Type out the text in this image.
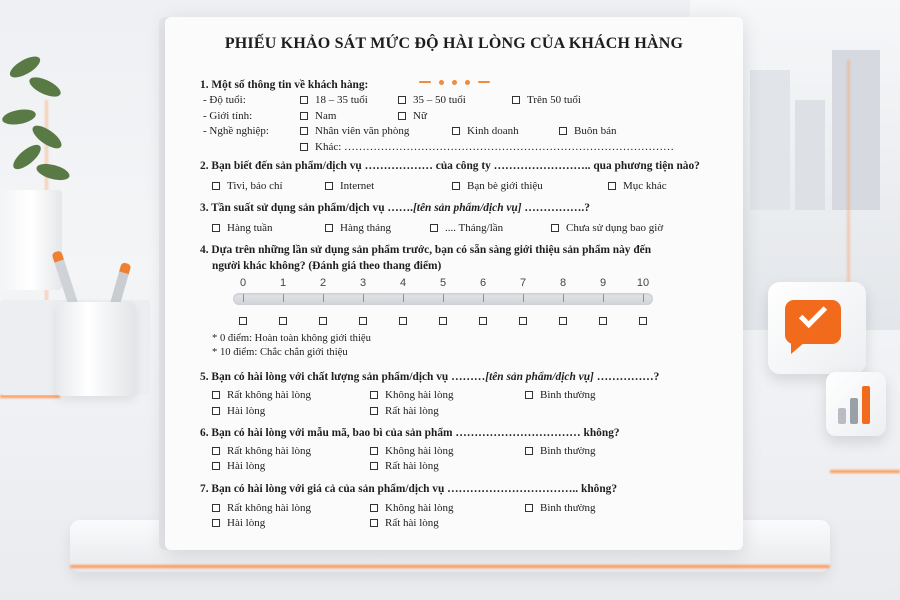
PHIẾU KHẢO SÁT MỨC ĐỘ HÀI LÒNG CỦA KHÁCH HÀNG
1. Một số thông tin về khách hàng:
- Độ tuổi:	18 – 35 tuổi	35 – 50 tuổi	Trên 50 tuổi
- Giới tính:	Nam	Nữ
- Nghề nghiệp:	Nhân viên văn phòng	Kinh doanh	Buôn bán
Khác: ………………………………………………………………………………
2. Bạn biết đến sản phẩm/dịch vụ ……………… của công ty …………………….. qua phương tiện nào?
Tivi, báo chí	Internet	Bạn bè giới thiệu	Mục khác
3. Tần suất sử dụng sản phẩm/dịch vụ …….[tên sản phẩm/dịch vụ] …………….?
Hàng tuần	Hàng tháng	.... Tháng/lần	Chưa sử dụng bao giờ
4. Dựa trên những lần sử dụng sản phẩm trước, bạn có sẵn sàng giới thiệu sản phẩm này đến
người khác không? (Đánh giá theo thang điểm)
0	1	2	3	4	5	6	7	8	9	10
* 0 điểm: Hoàn toàn không giới thiệu
* 10 điểm: Chắc chắn giới thiệu
5. Bạn có hài lòng với chất lượng sản phẩm/dịch vụ ………[tên sản phẩm/dịch vụ] ……………?
Rất không hài lòng	Không hài lòng	Bình thường
Hài lòng	Rất hài lòng
6. Bạn có hài lòng với mẫu mã, bao bì của sản phẩm …………………………… không?
Rất không hài lòng	Không hài lòng	Bình thường
Hài lòng	Rất hài lòng
7. Bạn có hài lòng với giá cả của sản phẩm/dịch vụ …………………………….. không?
Rất không hài lòng	Không hài lòng	Bình thường
Hài lòng	Rất hài lòng
